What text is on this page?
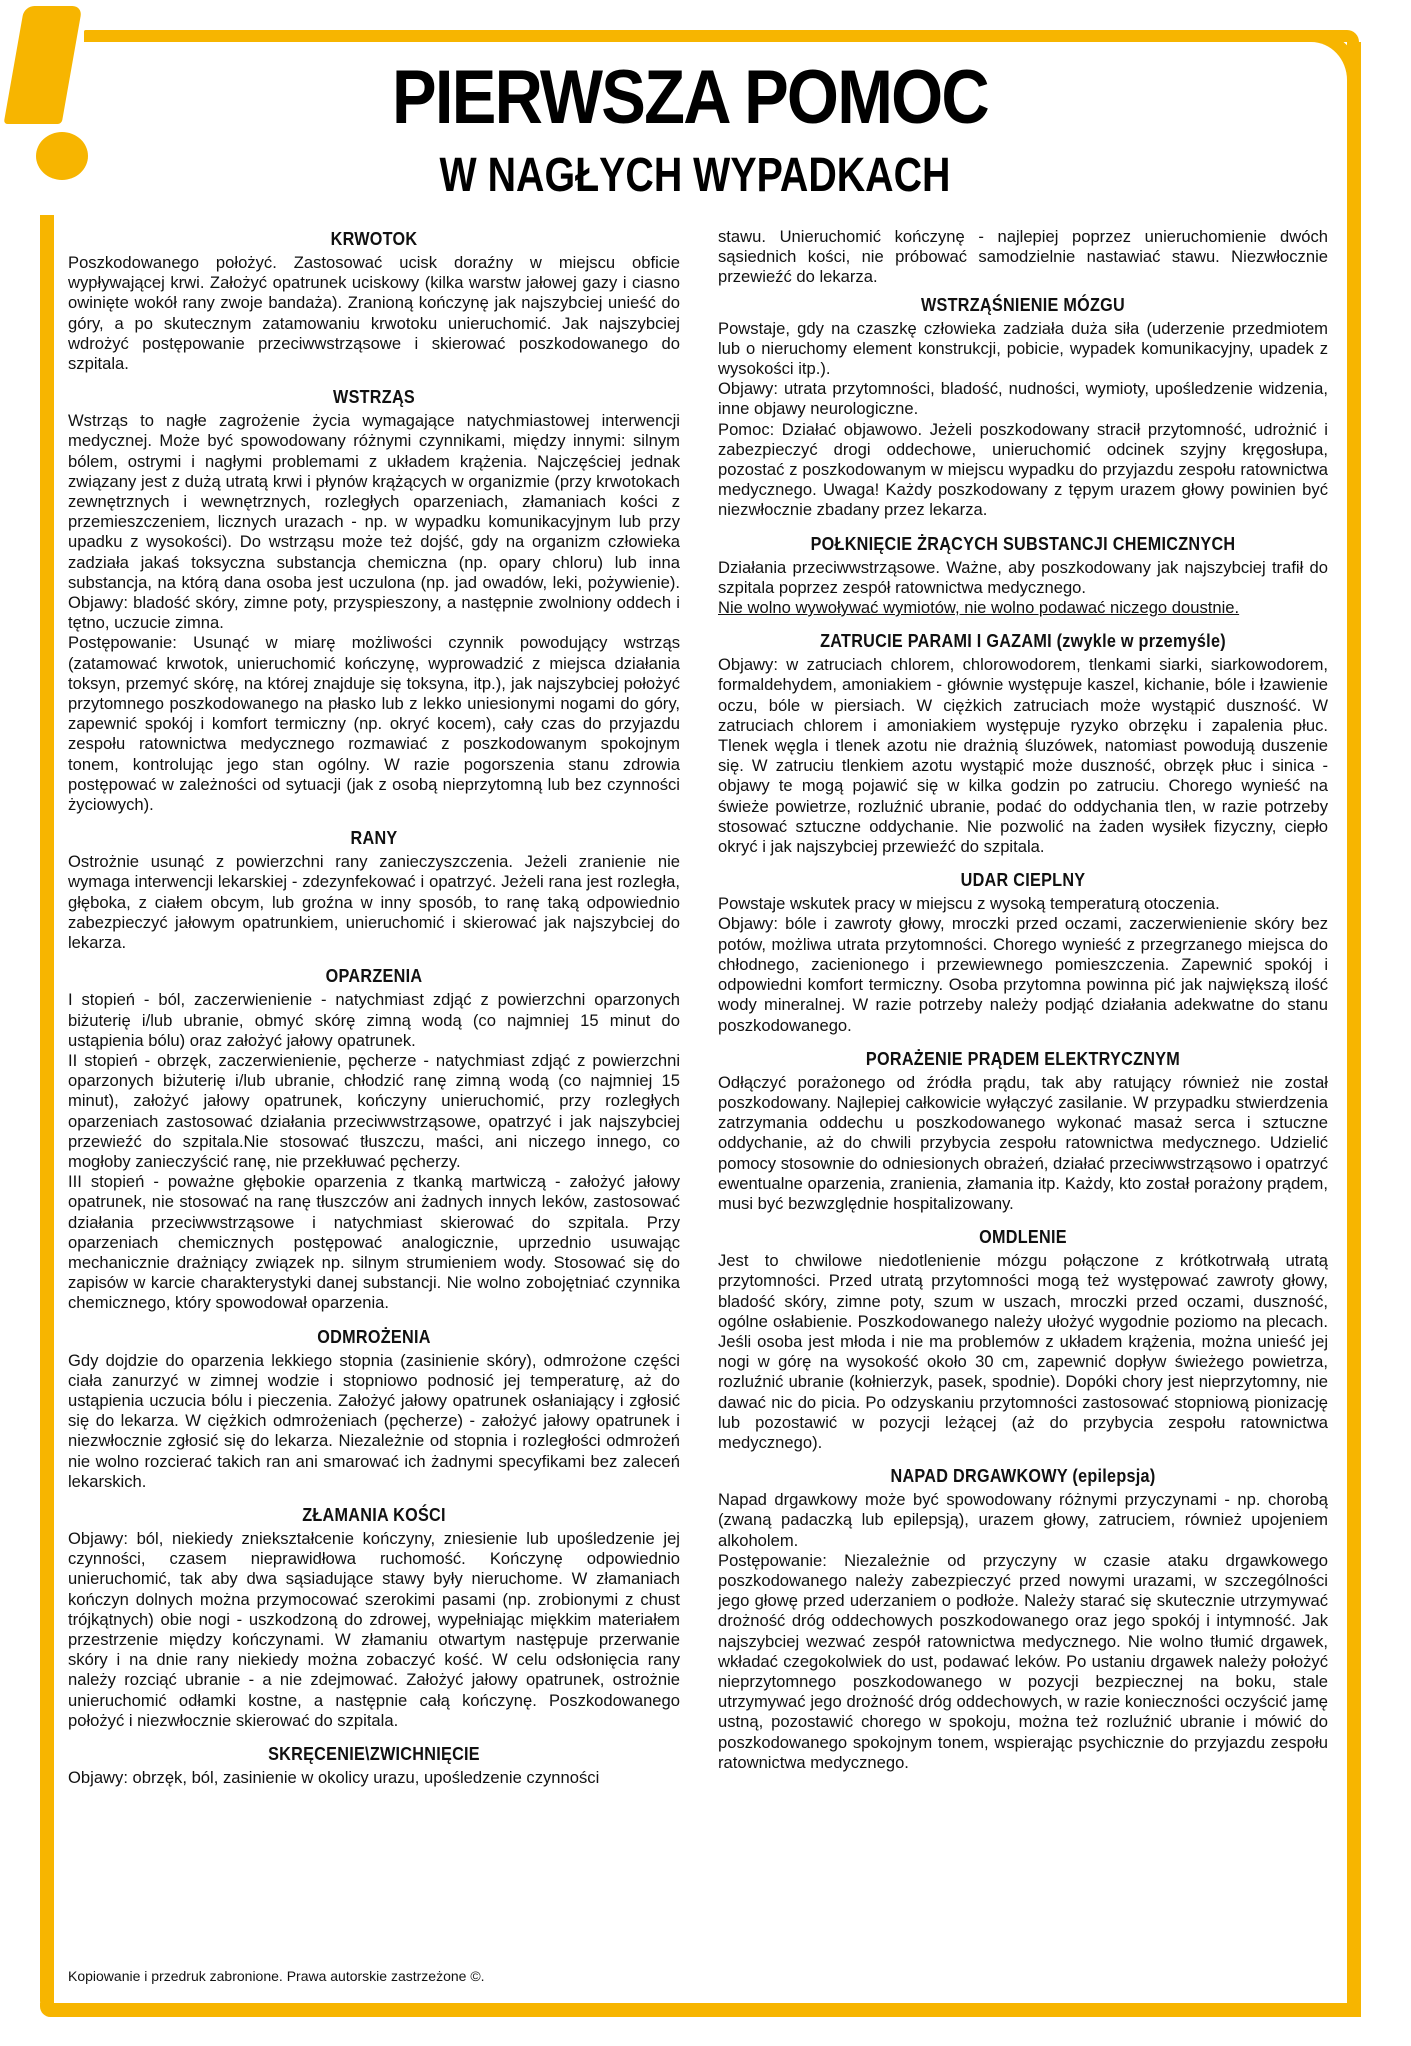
PIERWSZA POMOC
W NAGŁYCH WYPADKACH
KRWOTOK
Poszkodowanego położyć. Zastosować ucisk doraźny w miejscu obficie wypływającej krwi. Założyć opatrunek uciskowy (kilka warstw jałowej gazy i ciasno owinięte wokół rany zwoje bandaża). Zranioną kończynę jak najszybciej unieść do góry, a po skutecznym zatamowaniu krwotoku unieruchomić. Jak najszybciej wdrożyć postępowanie przeciwwstrząsowe i skierować poszkodowanego do szpitala.
WSTRZĄS
Wstrząs to nagłe zagrożenie życia wymagające natychmiastowej interwencji medycznej. Może być spowodowany różnymi czynnikami, między innymi: silnym bólem, ostrymi i nagłymi problemami z układem krążenia. Najczęściej jednak związany jest z dużą utratą krwi i płynów krążących w organizmie (przy krwotokach zewnętrznych i wewnętrznych, rozległych oparzeniach, złamaniach kości z przemieszczeniem, licznych urazach - np. w wypadku komunikacyjnym lub przy upadku z wysokości). Do wstrząsu może też dojść, gdy na organizm człowieka zadziała jakaś toksyczna substancja chemiczna (np. opary chloru) lub inna substancja, na którą dana osoba jest uczulona (np. jad owadów, leki, pożywienie). Objawy: bladość skóry, zimne poty, przyspieszony, a następnie zwolniony oddech i tętno, uczucie zimna.
Postępowanie: Usunąć w miarę możliwości czynnik powodujący wstrząs (zatamować krwotok, unieruchomić kończynę, wyprowadzić z miejsca działania toksyn, przemyć skórę, na której znajduje się toksyna, itp.), jak najszybciej położyć przytomnego poszkodowanego na płasko lub z lekko uniesionymi nogami do góry, zapewnić spokój i komfort termiczny (np. okryć kocem), cały czas do przyjazdu zespołu ratownictwa medycznego rozmawiać z poszkodowanym spokojnym tonem, kontrolując jego stan ogólny. W razie pogorszenia stanu zdrowia postępować w zależności od sytuacji (jak z osobą nieprzytomną lub bez czynności życiowych).
RANY
Ostrożnie usunąć z powierzchni rany zanieczyszczenia. Jeżeli zranienie nie wymaga interwencji lekarskiej - zdezynfekować i opatrzyć. Jeżeli rana jest rozległa, głęboka, z ciałem obcym, lub groźna w inny sposób, to ranę taką odpowiednio zabezpieczyć jałowym opatrunkiem, unieruchomić i skierować jak najszybciej do lekarza.
OPARZENIA
I stopień - ból, zaczerwienienie - natychmiast zdjąć z powierzchni oparzonych biżuterię i/lub ubranie, obmyć skórę zimną wodą (co najmniej 15 minut do ustąpienia bólu) oraz założyć jałowy opatrunek.
II stopień - obrzęk, zaczerwienienie, pęcherze - natychmiast zdjąć z powierzchni oparzonych biżuterię i/lub ubranie, chłodzić ranę zimną wodą (co najmniej 15 minut), założyć jałowy opatrunek, kończyny unieruchomić, przy rozległych oparzeniach zastosować działania przeciwwstrząsowe, opatrzyć i jak najszybciej przewieźć do szpitala.Nie stosować tłuszczu, maści, ani niczego innego, co mogłoby zanieczyścić ranę, nie przekłuwać pęcherzy.
III stopień - poważne głębokie oparzenia z tkanką martwiczą - założyć jałowy opatrunek, nie stosować na ranę tłuszczów ani żadnych innych leków, zastosować działania przeciwwstrząsowe i natychmiast skierować do szpitala. Przy oparzeniach chemicznych postępować analogicznie, uprzednio usuwając mechanicznie drażniący związek np. silnym strumieniem wody. Stosować się do zapisów w karcie charakterystyki danej substancji. Nie wolno zobojętniać czynnika chemicznego, który spowodował oparzenia.
ODMROŻENIA
Gdy dojdzie do oparzenia lekkiego stopnia (zasinienie skóry), odmrożone części ciała zanurzyć w zimnej wodzie i stopniowo podnosić jej temperaturę, aż do ustąpienia uczucia bólu i pieczenia. Założyć jałowy opatrunek osłaniający i zgłosić się do lekarza. W ciężkich odmrożeniach (pęcherze) - założyć jałowy opatrunek i niezwłocznie zgłosić się do lekarza. Niezależnie od stopnia i rozległości odmrożeń nie wolno rozcierać takich ran ani smarować ich żadnymi specyfikami bez zaleceń lekarskich.
ZŁAMANIA KOŚCI
Objawy: ból, niekiedy zniekształcenie kończyny, zniesienie lub upośledzenie jej czynności, czasem nieprawidłowa ruchomość. Kończynę odpowiednio unieruchomić, tak aby dwa sąsiadujące stawy były nieruchome. W złamaniach kończyn dolnych można przymocować szerokimi pasami (np. zrobionymi z chust trójkątnych) obie nogi - uszkodzoną do zdrowej, wypełniając miękkim materiałem przestrzenie między kończynami. W złamaniu otwartym następuje przerwanie skóry i na dnie rany niekiedy można zobaczyć kość. W celu odsłonięcia rany należy rozciąć ubranie - a nie zdejmować. Założyć jałowy opatrunek, ostrożnie unieruchomić odłamki kostne, a następnie całą kończynę. Poszkodowanego położyć i niezwłocznie skierować do szpitala.
SKRĘCENIE\ZWICHNIĘCIE
Objawy: obrzęk, ból, zasinienie w okolicy urazu, upośledzenie czynności
stawu. Unieruchomić kończynę - najlepiej poprzez unieruchomienie dwóch sąsiednich kości, nie próbować samodzielnie nastawiać stawu. Niezwłocznie przewieźć do lekarza.
WSTRZĄŚNIENIE MÓZGU
Powstaje, gdy na czaszkę człowieka zadziała duża siła (uderzenie przedmiotem lub o nieruchomy element konstrukcji, pobicie, wypadek komunikacyjny, upadek z wysokości itp.).
Objawy: utrata przytomności, bladość, nudności, wymioty, upośledzenie widzenia, inne objawy neurologiczne.
Pomoc: Działać objawowo. Jeżeli poszkodowany stracił przytomność, udrożnić i zabezpieczyć drogi oddechowe, unieruchomić odcinek szyjny kręgosłupa, pozostać z poszkodowanym w miejscu wypadku do przyjazdu zespołu ratownictwa medycznego. Uwaga! Każdy poszkodowany z tępym urazem głowy powinien być niezwłocznie zbadany przez lekarza.
POŁKNIĘCIE ŻRĄCYCH SUBSTANCJI CHEMICZNYCH
Działania przeciwwstrząsowe. Ważne, aby poszkodowany jak najszybciej trafił do szpitala poprzez zespół ratownictwa medycznego.
Nie wolno wywoływać wymiotów, nie wolno podawać niczego doustnie.
ZATRUCIE PARAMI I GAZAMI (zwykle w przemyśle)
Objawy: w zatruciach chlorem, chlorowodorem, tlenkami siarki, siarkowodorem, formaldehydem, amoniakiem - głównie występuje kaszel, kichanie, bóle i łzawienie oczu, bóle w piersiach. W ciężkich zatruciach może wystąpić duszność. W zatruciach chlorem i amoniakiem występuje ryzyko obrzęku i zapalenia płuc. Tlenek węgla i tlenek azotu nie drażnią śluzówek, natomiast powodują duszenie się. W zatruciu tlenkiem azotu wystąpić może duszność, obrzęk płuc i sinica - objawy te mogą pojawić się w kilka godzin po zatruciu. Chorego wynieść na świeże powietrze, rozluźnić ubranie, podać do oddychania tlen, w razie potrzeby stosować sztuczne oddychanie. Nie pozwolić na żaden wysiłek fizyczny, ciepło okryć i jak najszybciej przewieźć do szpitala.
UDAR CIEPLNY
Powstaje wskutek pracy w miejscu z wysoką temperaturą otoczenia.
Objawy: bóle i zawroty głowy, mroczki przed oczami, zaczerwienienie skóry bez potów, możliwa utrata przytomności. Chorego wynieść z przegrzanego miejsca do chłodnego, zacienionego i przewiewnego pomieszczenia. Zapewnić spokój i odpowiedni komfort termiczny. Osoba przytomna powinna pić jak największą ilość wody mineralnej. W razie potrzeby należy podjąć działania adekwatne do stanu poszkodowanego.
PORAŻENIE PRĄDEM ELEKTRYCZNYM
Odłączyć porażonego od źródła prądu, tak aby ratujący również nie został poszkodowany. Najlepiej całkowicie wyłączyć zasilanie. W przypadku stwierdzenia zatrzymania oddechu u poszkodowanego wykonać masaż serca i sztuczne oddychanie, aż do chwili przybycia zespołu ratownictwa medycznego. Udzielić pomocy stosownie do odniesionych obrażeń, działać przeciwwstrząsowo i opatrzyć ewentualne oparzenia, zranienia, złamania itp. Każdy, kto został porażony prądem, musi być bezwzględnie hospitalizowany.
OMDLENIE
Jest to chwilowe niedotlenienie mózgu połączone z krótkotrwałą utratą przytomności. Przed utratą przytomności mogą też występować zawroty głowy, bladość skóry, zimne poty, szum w uszach, mroczki przed oczami, duszność, ogólne osłabienie. Poszkodowanego należy ułożyć wygodnie poziomo na plecach. Jeśli osoba jest młoda i nie ma problemów z układem krążenia, można unieść jej nogi w górę na wysokość około 30 cm, zapewnić dopływ świeżego powietrza, rozluźnić ubranie (kołnierzyk, pasek, spodnie). Dopóki chory jest nieprzytomny, nie dawać nic do picia. Po odzyskaniu przytomności zastosować stopniową pionizację lub pozostawić w pozycji leżącej (aż do przybycia zespołu ratownictwa medycznego).
NAPAD DRGAWKOWY (epilepsja)
Napad drgawkowy może być spowodowany różnymi przyczynami - np. chorobą (zwaną padaczką lub epilepsją), urazem głowy, zatruciem, również upojeniem alkoholem.
Postępowanie: Niezależnie od przyczyny w czasie ataku drgawkowego poszkodowanego należy zabezpieczyć przed nowymi urazami, w szczególności jego głowę przed uderzaniem o podłoże. Należy starać się skutecznie utrzymywać drożność dróg oddechowych poszkodowanego oraz jego spokój i intymność. Jak najszybciej wezwać zespół ratownictwa medycznego. Nie wolno tłumić drgawek, wkładać czegokolwiek do ust, podawać leków. Po ustaniu drgawek należy położyć nieprzytomnego poszkodowanego w pozycji bezpiecznej na boku, stale utrzymywać jego drożność dróg oddechowych, w razie konieczności oczyścić jamę ustną, pozostawić chorego w spokoju, można też rozluźnić ubranie i mówić do poszkodowanego spokojnym tonem, wspierając psychicznie do przyjazdu zespołu ratownictwa medycznego.
Kopiowanie i przedruk zabronione. Prawa autorskie zastrzeżone ©.
